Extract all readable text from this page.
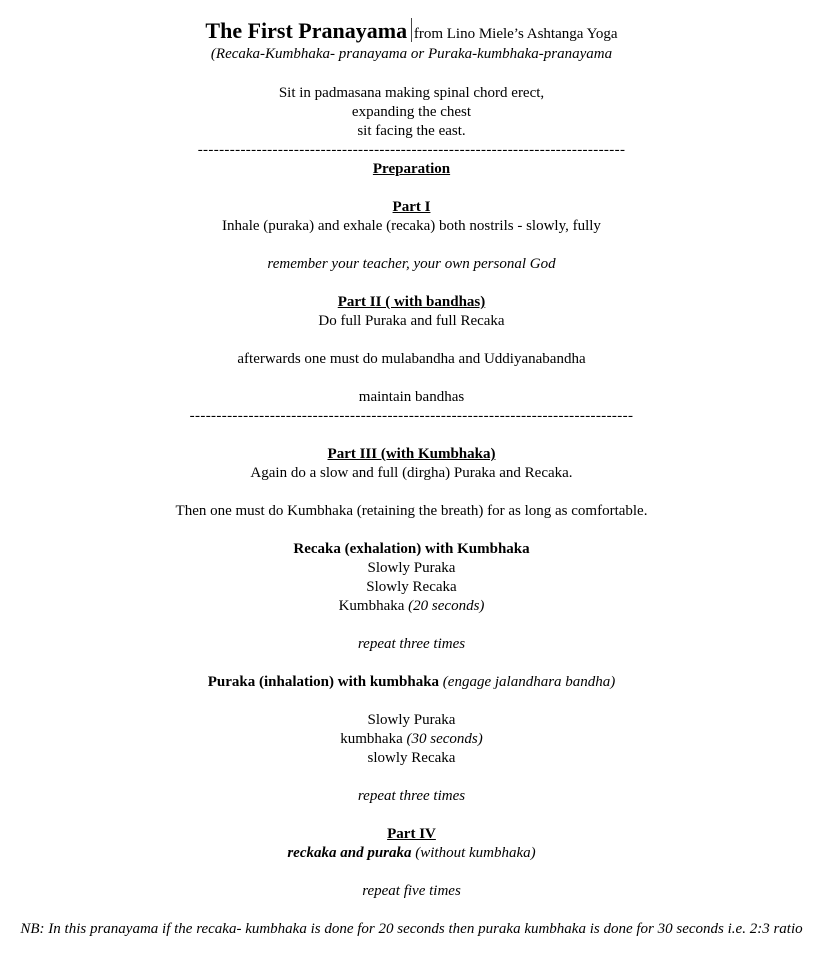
The First Pranayama from Lino Miele’s Ashtanga Yoga
(Recaka-Kumbhaka- pranayama or Puraka-kumbhaka-pranayama
Sit in padmasana making spinal chord erect,
expanding the chest
sit facing the east.
--------------------------------------------------------------------------------
Preparation
Part I
Inhale (puraka) and exhale (recaka) both nostrils - slowly, fully
remember your teacher, your own personal God
Part II ( with bandhas)
Do full Puraka and full Recaka
afterwards one must do mulabandha and Uddiyanabandha
maintain bandhas
-----------------------------------------------------------------------------------
Part III (with Kumbhaka)
Again do a slow and full (dirgha) Puraka and Recaka.
Then one must do Kumbhaka (retaining the breath) for as long as comfortable.
Recaka (exhalation) with Kumbhaka
Slowly Puraka
Slowly Recaka
Kumbhaka (20 seconds)
repeat three times
Puraka (inhalation) with kumbhaka (engage jalandhara bandha)
Slowly Puraka
kumbhaka (30 seconds)
slowly Recaka
repeat three times
Part IV
reckaka and puraka (without kumbhaka)
repeat five times
NB: In this pranayama if the recaka- kumbhaka is done for 20 seconds then puraka kumbhaka is done for 30 seconds i.e. 2:3 ratio
